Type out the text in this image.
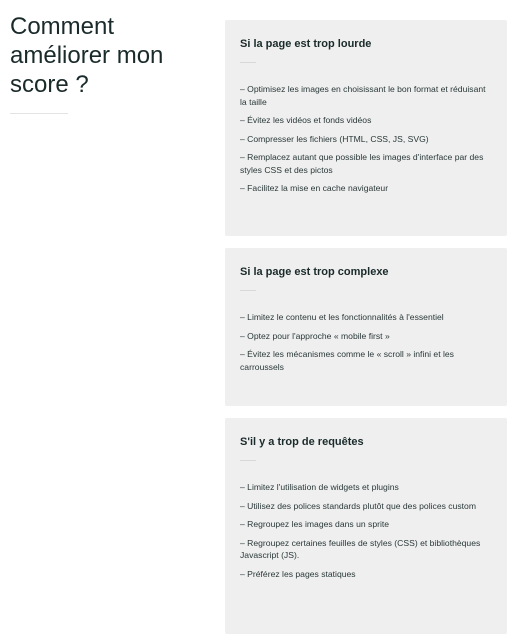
Comment
améliorer mon
score ?
Si la page est trop lourde
– Optimisez les images en choisissant le bon format et réduisant la taille
– Évitez les vidéos et fonds vidéos
– Compresser les fichiers (HTML, CSS, JS, SVG)
– Remplacez autant que possible les images d'interface par des styles CSS et des pictos
– Facilitez la mise en cache navigateur
Si la page est trop complexe
– Limitez le contenu et les fonctionnalités à l'essentiel
– Optez pour l'approche « mobile first »
– Évitez les mécanismes comme le « scroll » infini et les carroussels
S'il y a trop de requêtes
– Limitez l'utilisation de widgets et plugins
– Utilisez des polices standards plutôt que des polices custom
– Regroupez les images dans un sprite
– Regroupez certaines feuilles de styles (CSS) et bibliothèques Javascript (JS).
– Préférez les pages statiques
